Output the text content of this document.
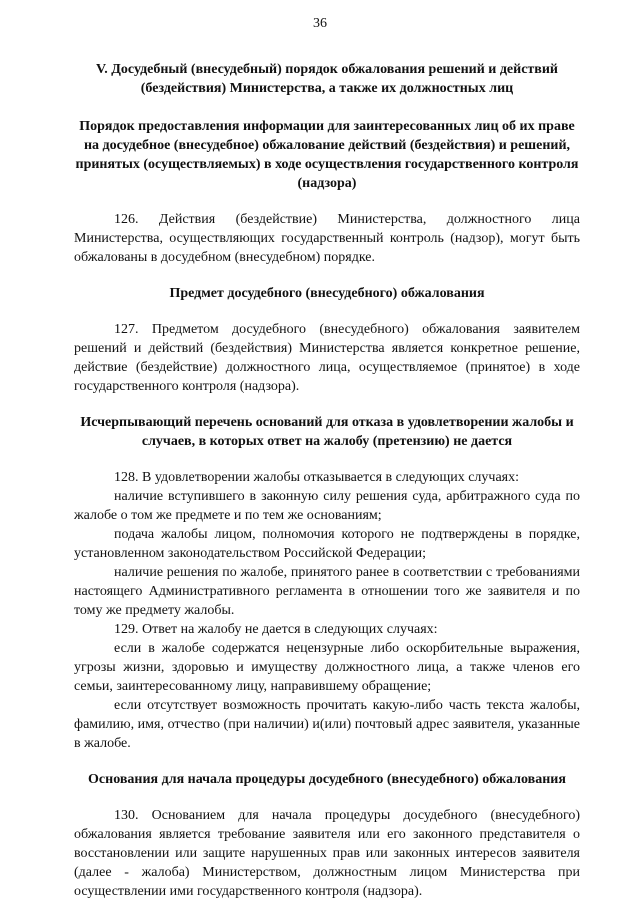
36

V. Досудебный (внесудебный) порядок обжалования решений и действий (бездействия) Министерства, а также их должностных лиц

Порядок предоставления информации для заинтересованных лиц об их праве на досудебное (внесудебное) обжалование действий (бездействия) и решений, принятых (осуществляемых) в ходе осуществления государственного контроля (надзора)

126. Действия (бездействие) Министерства, должностного лица Министерства, осуществляющих государственный контроль (надзор), могут быть обжалованы в досудебном (внесудебном) порядке.

Предмет досудебного (внесудебного) обжалования

127. Предметом досудебного (внесудебного) обжалования заявителем решений и действий (бездействия) Министерства является конкретное решение, действие (бездействие) должностного лица, осуществляемое (принятое) в ходе государственного контроля (надзора).

Исчерпывающий перечень оснований для отказа в удовлетворении жалобы и случаев, в которых ответ на жалобу (претензию) не дается

128. В удовлетворении жалобы отказывается в следующих случаях:

наличие вступившего в законную силу решения суда, арбитражного суда по жалобе о том же предмете и по тем же основаниям;

подача жалобы лицом, полномочия которого не подтверждены в порядке, установленном законодательством Российской Федерации;

наличие решения по жалобе, принятого ранее в соответствии с требованиями настоящего Административного регламента в отношении того же заявителя и по тому же предмету жалобы.

129. Ответ на жалобу не дается в следующих случаях:

если в жалобе содержатся нецензурные либо оскорбительные выражения, угрозы жизни, здоровью и имуществу должностного лица, а также членов его семьи, заинтересованному лицу, направившему обращение;

если отсутствует возможность прочитать какую-либо часть текста жалобы, фамилию, имя, отчество (при наличии) и(или) почтовый адрес заявителя, указанные в жалобе.

Основания для начала процедуры досудебного (внесудебного) обжалования

130. Основанием для начала процедуры досудебного (внесудебного) обжалования является требование заявителя или его законного представителя о восстановлении или защите нарушенных прав или законных интересов заявителя (далее - жалоба) Министерством, должностным лицом Министерства при осуществлении ими государственного контроля (надзора).
